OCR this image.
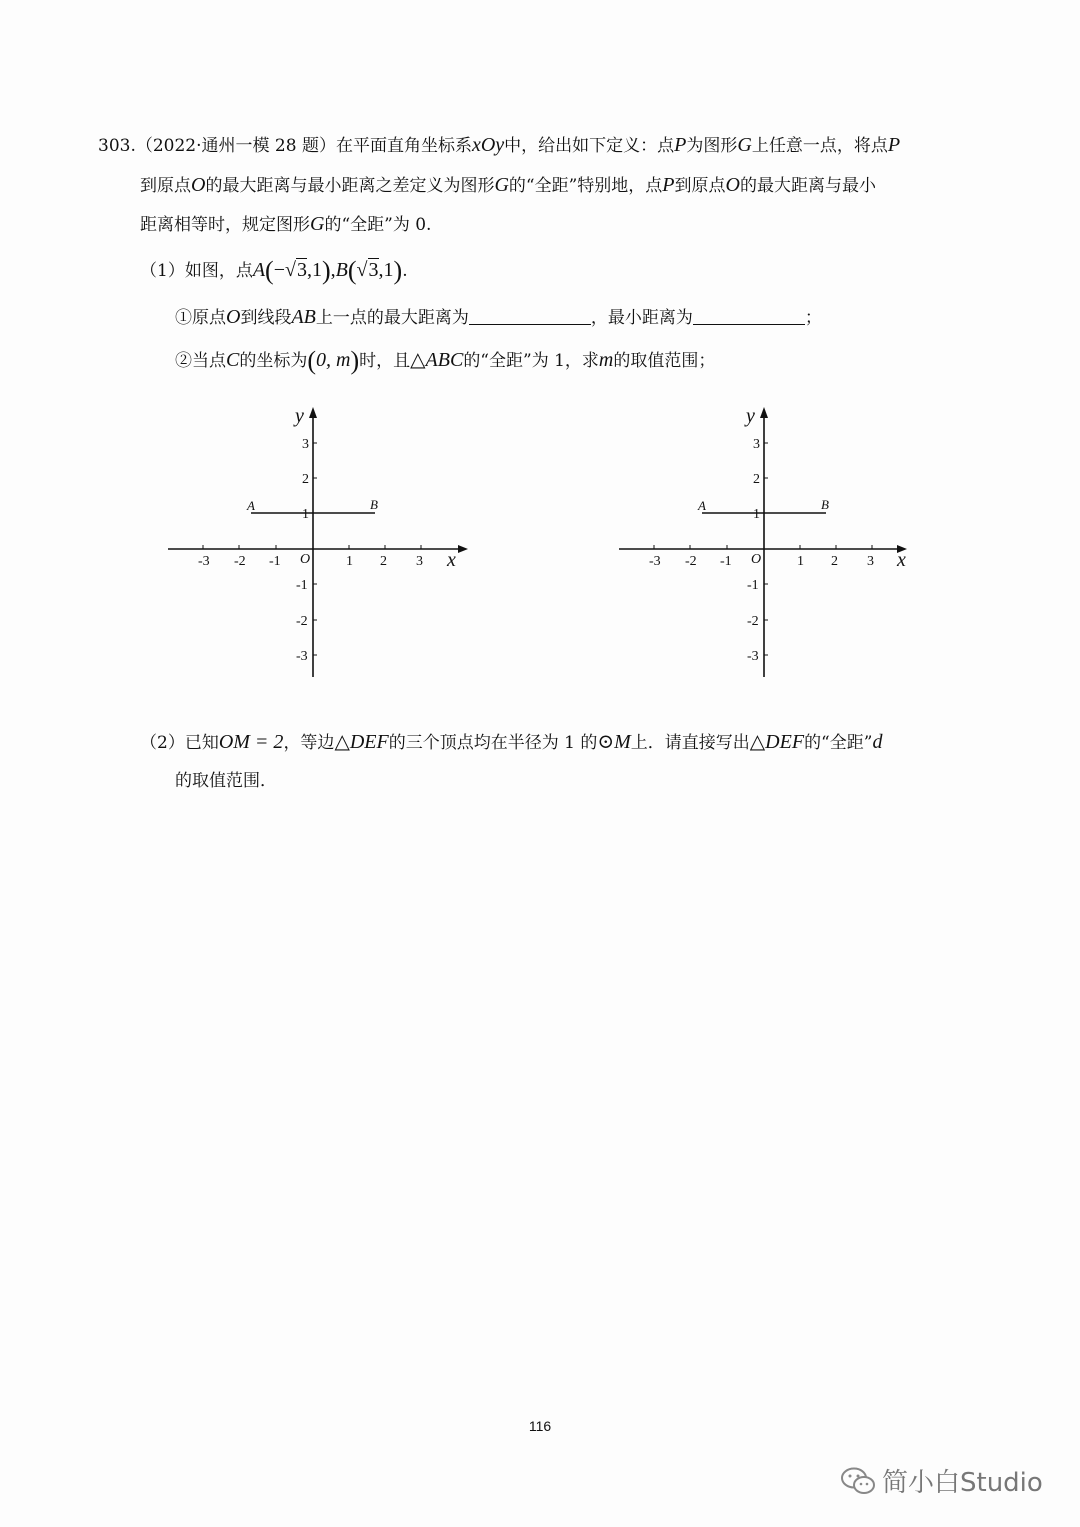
303.（2022·通州一模 28 题）在平面直角坐标系xOy中，给出如下定义：点P为图形G上任意一点，将点P
到原点O的最大距离与最小距离之差定义为图形G的“全距”特别地，点P到原点O的最大距离与最小
距离相等时，规定图形G的“全距”为 0.
（1）如图，点A(−√3,1),B(√3,1).
①原点O到线段AB上一点的最大距离为	，最小距离为	；
②当点C的坐标为(0, m)时，且△ABC的“全距”为 1，求m的取值范围；
-3 -2 -1	1 2 3
3
2
1
-1
-2
-3
x
y
O
A	B
-3 -2 -1	1 2 3
3
2
1
-1
-2
-3
x
y
O
A	B
（2）已知OM = 2，等边△DEF的三个顶点均在半径为 1 的⊙M上．请直接写出△DEF的“全距”d
的取值范围．
116
简小白Studio
